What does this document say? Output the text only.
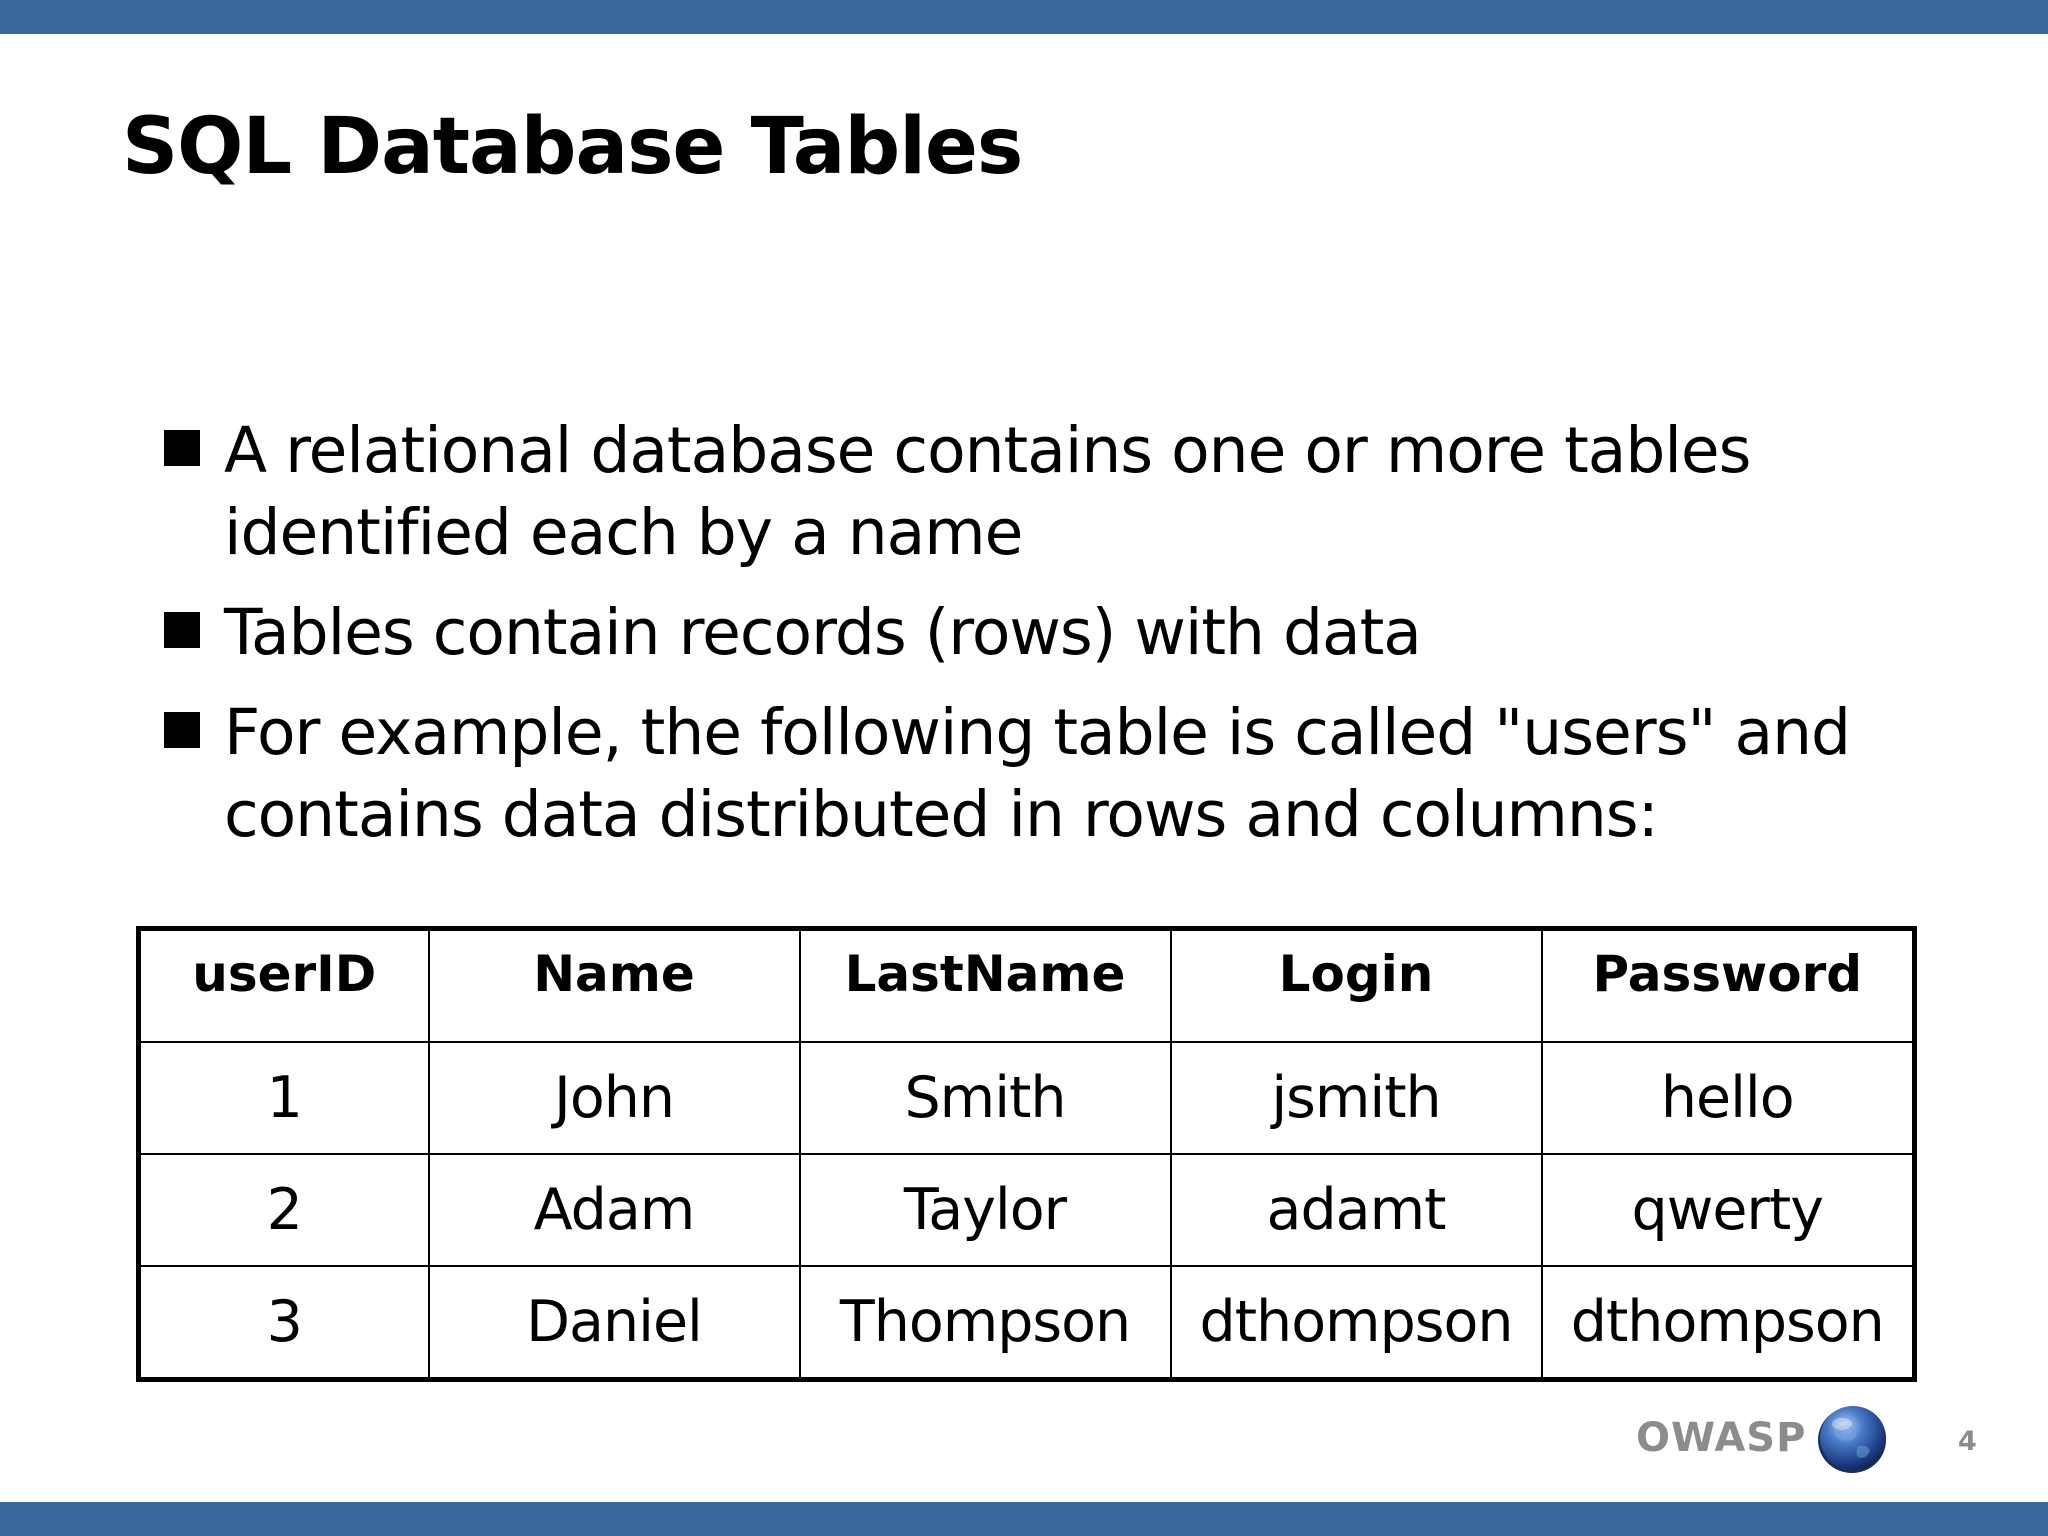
SQL Database Tables
A relational database contains one or more tables identified each by a name
Tables contain records (rows) with data
For example, the following table is called "users" and contains data distributed in rows and columns:
userID	Name	LastName	Login	Password
1	John	Smith	jsmith	hello
2	Adam	Taylor	adamt	qwerty
3	Daniel	Thompson	dthompson	dthompson
OWASP	4
